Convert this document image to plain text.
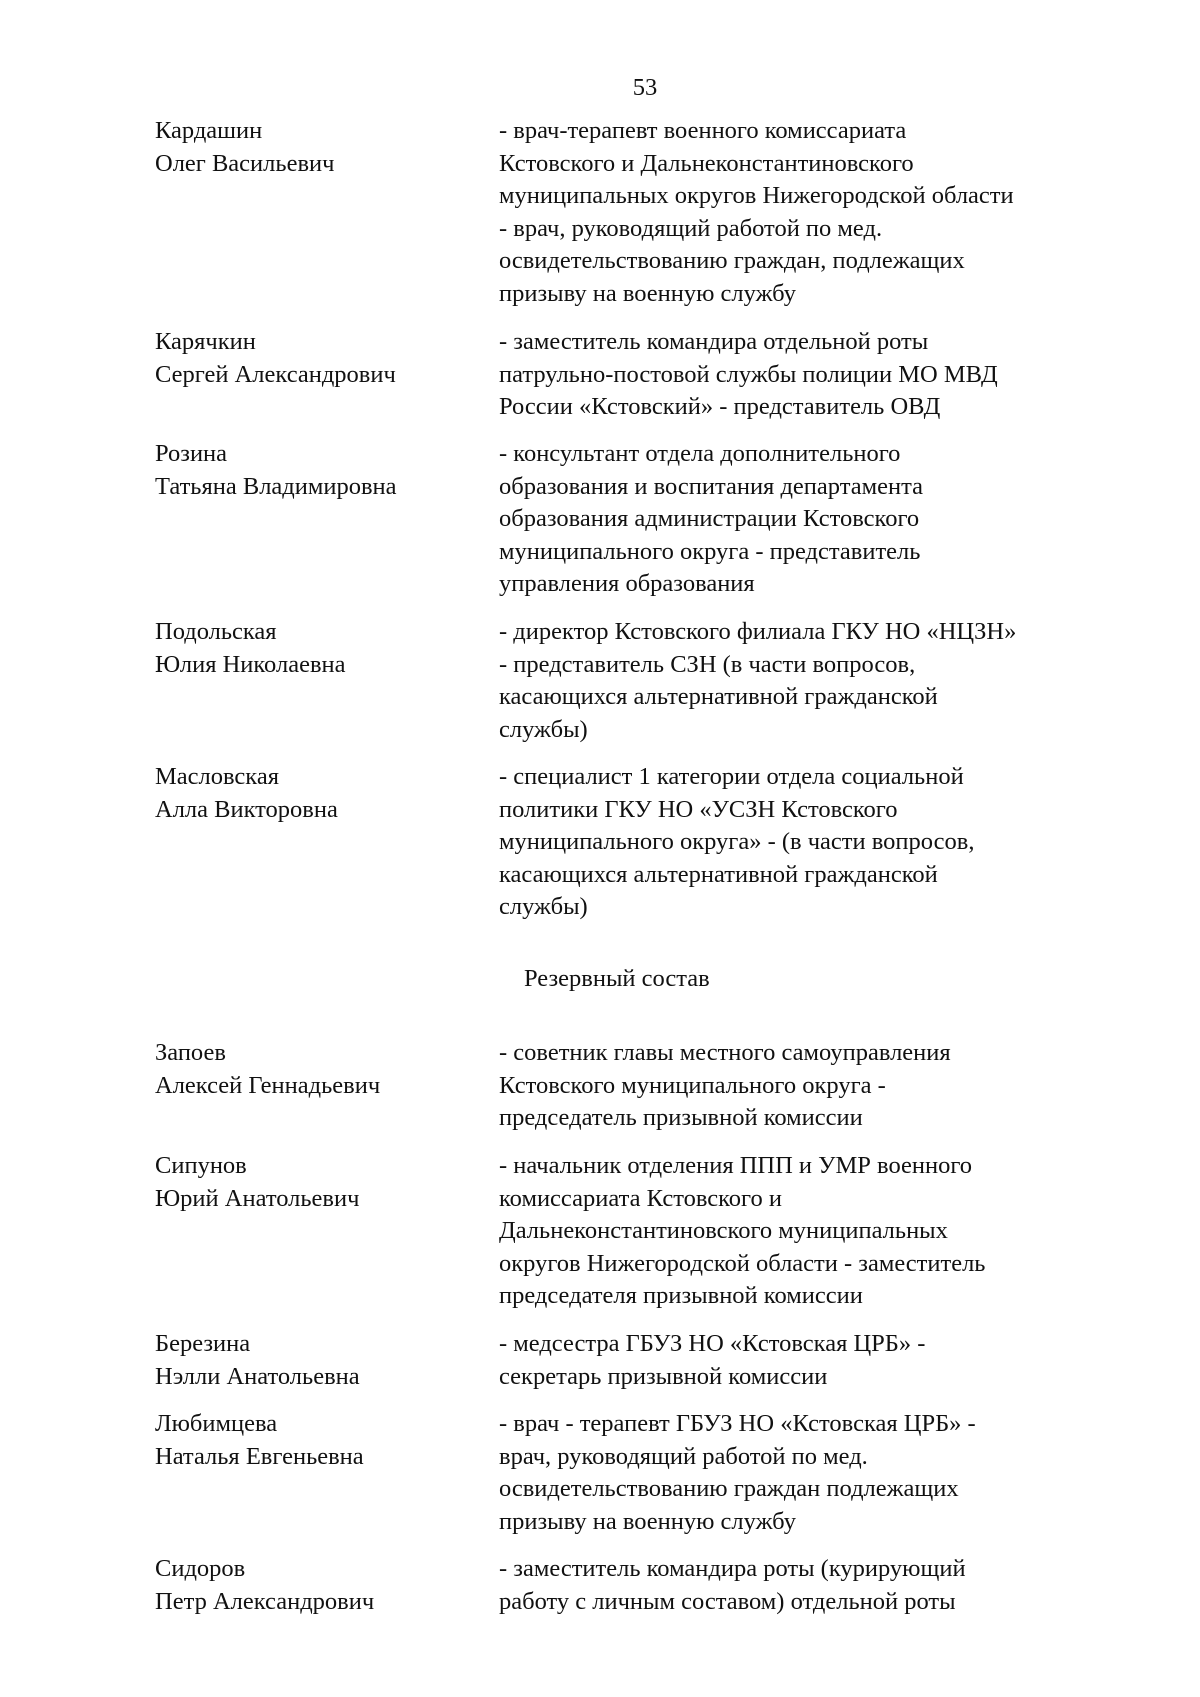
53
Кардашин
Олег Васильевич
- врач-терапевт военного комиссариата
Кстовского и Дальнеконстантиновского
муниципальных округов Нижегородской области
- врач, руководящий работой по мед.
освидетельствованию граждан, подлежащих
призыву на военную службу
Карячкин
Сергей Александрович
- заместитель командира отдельной роты
патрульно-постовой службы полиции МО МВД
России «Кстовский» - представитель ОВД
Розина
Татьяна Владимировна
- консультант отдела дополнительного
образования и воспитания департамента
образования администрации Кстовского
муниципального округа - представитель
управления образования
Подольская
Юлия Николаевна
- директор Кстовского филиала ГКУ НО «НЦЗН»
- представитель СЗН (в части вопросов,
касающихся альтернативной гражданской
службы)
Масловская
Алла Викторовна
- специалист 1 категории отдела социальной
политики ГКУ НО «УСЗН Кстовского
муниципального округа» - (в части вопросов,
касающихся альтернативной гражданской
службы)
Резервный состав
Запоев
Алексей Геннадьевич
- советник главы местного самоуправления
Кстовского муниципального округа -
председатель призывной комиссии
Сипунов
Юрий Анатольевич
- начальник отделения ППП и УМР военного
комиссариата Кстовского и
Дальнеконстантиновского муниципальных
округов Нижегородской области - заместитель
председателя призывной комиссии
Березина
Нэлли Анатольевна
- медсестра ГБУЗ НО «Кстовская ЦРБ» -
секретарь призывной комиссии
Любимцева
Наталья Евгеньевна
- врач - терапевт ГБУЗ НО «Кстовская ЦРБ» -
врач, руководящий работой по мед.
освидетельствованию граждан подлежащих
призыву на военную службу
Сидоров
Петр Александрович
- заместитель командира роты (курирующий
работу с личным составом) отдельной роты
